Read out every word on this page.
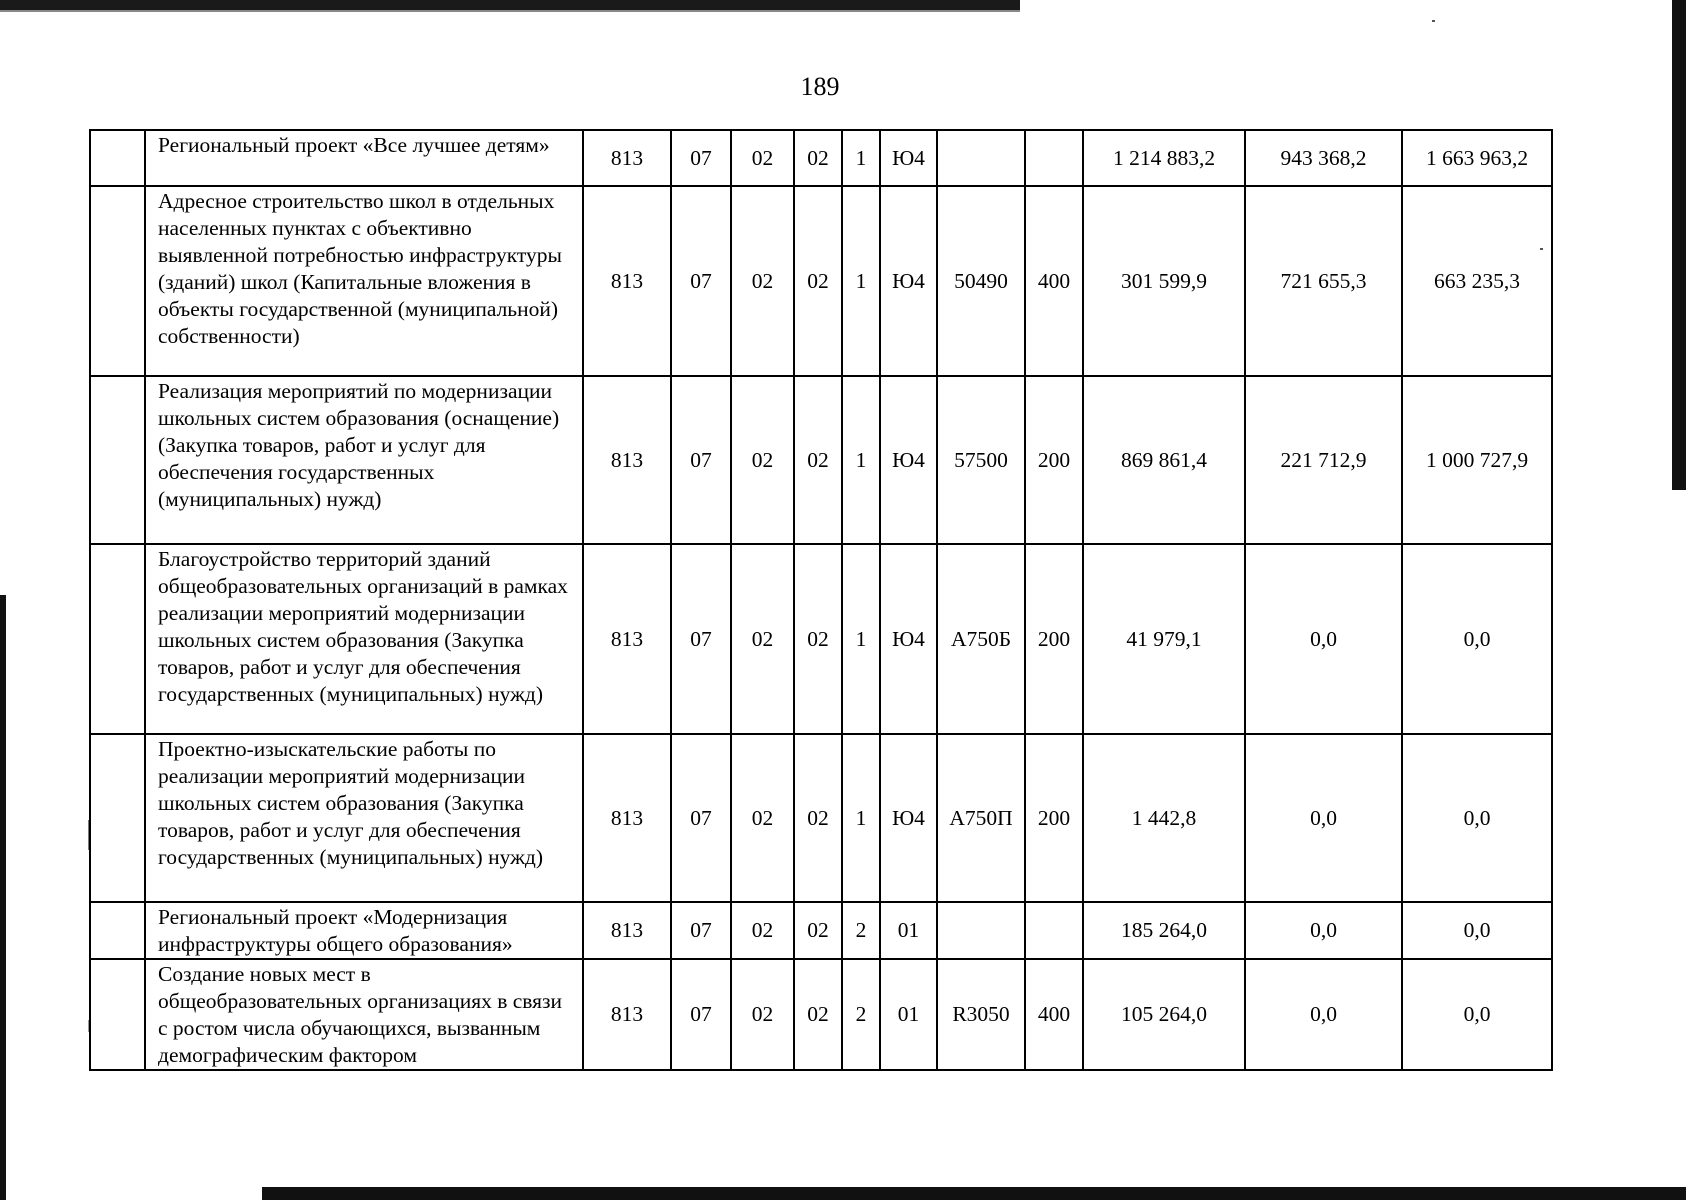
189
	Региональный проект «Все лучшее детям»	813	07	02	02	1	Ю4			1 214 883,2	943 368,2	1 663 963,2
	Адресное строительство школ в отдельных населенных пунктах с объективно выявленной потребностью инфраструктуры (зданий) школ (Капитальные вложения в объекты государственной (муниципальной) собственности)	813	07	02	02	1	Ю4	50490	400	301 599,9	721 655,3	663 235,3
	Реализация мероприятий по модернизации школьных систем образования (оснащение) (Закупка товаров, работ и услуг для обеспечения государственных (муниципальных) нужд)	813	07	02	02	1	Ю4	57500	200	869 861,4	221 712,9	1 000 727,9
	Благоустройство территорий зданий общеобразовательных организаций в рамках реализации мероприятий модернизации школьных систем образования (Закупка товаров, работ и услуг для обеспечения государственных (муниципальных) нужд)	813	07	02	02	1	Ю4	А750Б	200	41 979,1	0,0	0,0
	Проектно-изыскательские работы по реализации мероприятий модернизации школьных систем образования (Закупка товаров, работ и услуг для обеспечения государственных (муниципальных) нужд)	813	07	02	02	1	Ю4	А750П	200	1 442,8	0,0	0,0
	Региональный проект «Модернизация инфраструктуры общего образования»	813	07	02	02	2	01			185 264,0	0,0	0,0
	Создание новых мест в общеобразовательных организациях в связи с ростом числа обучающихся, вызванным демографическим фактором	813	07	02	02	2	01	R3050	400	105 264,0	0,0	0,0
